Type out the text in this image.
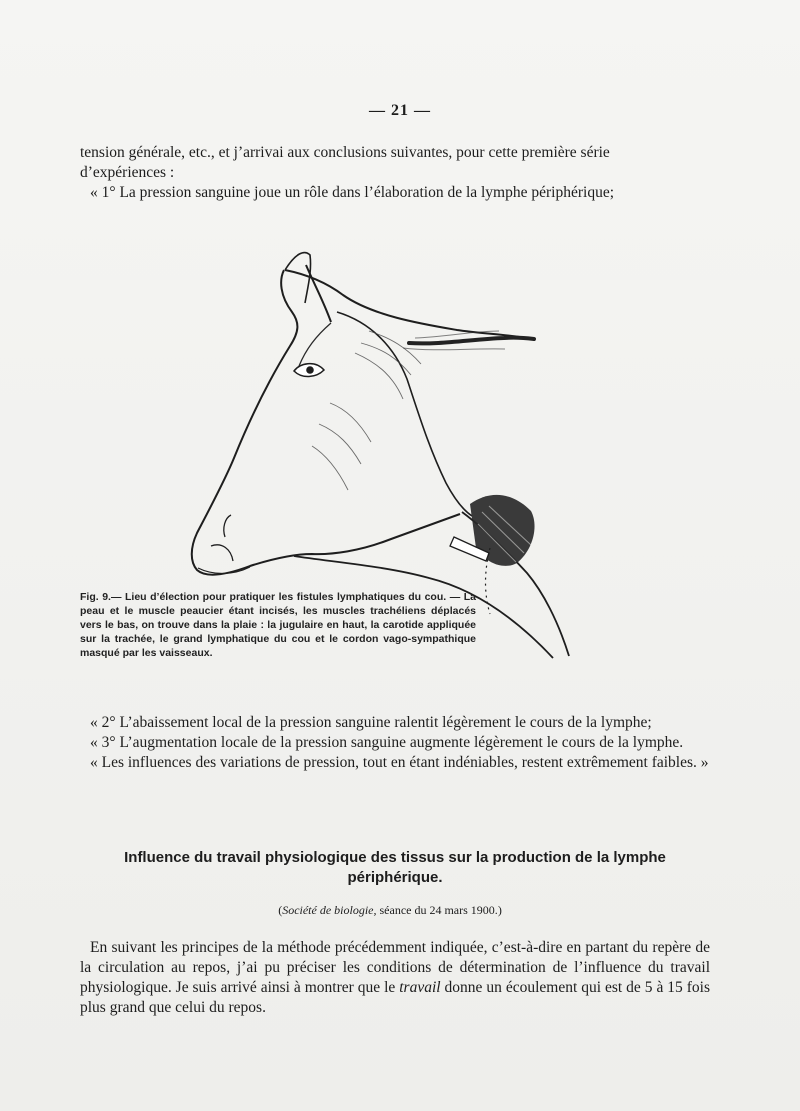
— 21 —

tension générale, etc., et j’arrivai aux conclusions suivantes, pour cette première série

d’expériences :

« 1° La pression sanguine joue un rôle dans l’élaboration de la lymphe périphérique;

Fig. 9.— Lieu d’élection pour pratiquer les fistules lymphatiques du cou. — La peau et le muscle peaucier étant incisés, les muscles trachéliens déplacés vers le bas, on trouve dans la plaie : la jugulaire en haut, la carotide appliquée sur la trachée, le grand lymphatique du cou et le cordon vago-sympathique masqué par les vaisseaux.

« 2° L’abaissement local de la pression sanguine ralentit légèrement le cours de la lymphe;

« 3° L’augmentation locale de la pression sanguine augmente légèrement le cours de la lymphe.

« Les influences des variations de pression, tout en étant indéniables, restent extrêmement faibles. »

Influence du travail physiologique des tissus sur la production de la lymphe périphérique.
(Société de biologie, séance du 24 mars 1900.)

En suivant les principes de la méthode précédemment indiquée, c’est-à-dire en partant du repère de la circulation au repos, j’ai pu préciser les conditions de détermination de l’influence du travail physiologique. Je suis arrivé ainsi à montrer que le travail donne un écoulement qui est de 5 à 15 fois plus grand que celui du repos.
